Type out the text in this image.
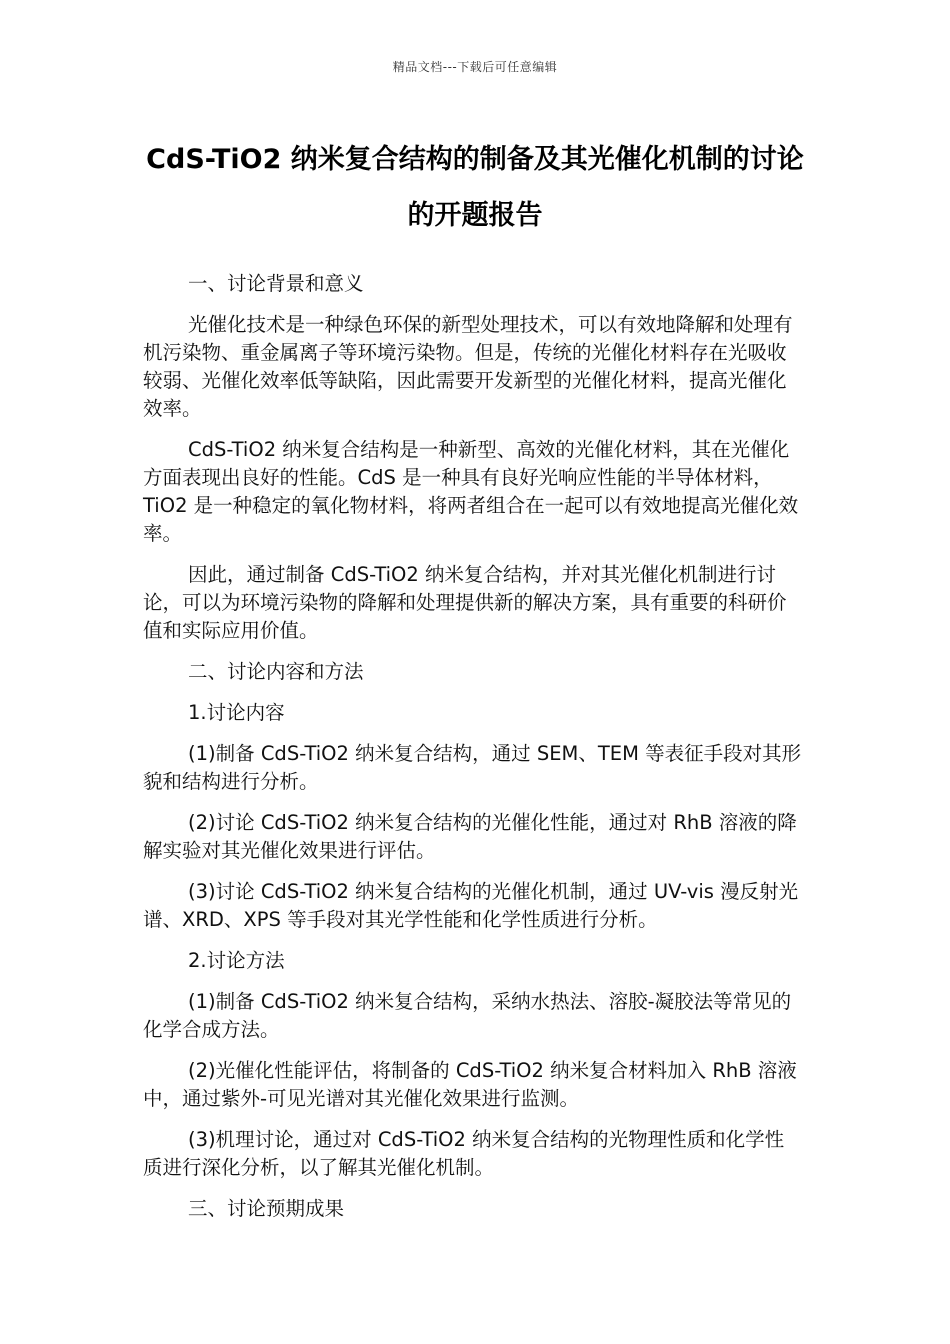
精品文档---下载后可任意编辑
CdS-TiO2 纳米复合结构的制备及其光催化机制的讨论的开题报告

一、讨论背景和意义

光催化技术是一种绿色环保的新型处理技术，可以有效地降解和处理有机污染物、重金属离子等环境污染物。但是，传统的光催化材料存在光吸收较弱、光催化效率低等缺陷，因此需要开发新型的光催化材料，提高光催化效率。

CdS-TiO2 纳米复合结构是一种新型、高效的光催化材料，其在光催化方面表现出良好的性能。CdS 是一种具有良好光响应性能的半导体材料，TiO2 是一种稳定的氧化物材料，将两者组合在一起可以有效地提高光催化效率。

因此，通过制备 CdS-TiO2 纳米复合结构，并对其光催化机制进行讨论，可以为环境污染物的降解和处理提供新的解决方案，具有重要的科研价值和实际应用价值。

二、讨论内容和方法

1.讨论内容

(1)制备 CdS-TiO2 纳米复合结构，通过 SEM、TEM 等表征手段对其形貌和结构进行分析。

(2)讨论 CdS-TiO2 纳米复合结构的光催化性能，通过对 RhB 溶液的降解实验对其光催化效果进行评估。

(3)讨论 CdS-TiO2 纳米复合结构的光催化机制，通过 UV-vis 漫反射光谱、XRD、XPS 等手段对其光学性能和化学性质进行分析。

2.讨论方法

(1)制备 CdS-TiO2 纳米复合结构，采纳水热法、溶胶-凝胶法等常见的化学合成方法。

(2)光催化性能评估，将制备的 CdS-TiO2 纳米复合材料加入 RhB 溶液中，通过紫外-可见光谱对其光催化效果进行监测。

(3)机理讨论，通过对 CdS-TiO2 纳米复合结构的光物理性质和化学性质进行深化分析，以了解其光催化机制。

三、讨论预期成果
